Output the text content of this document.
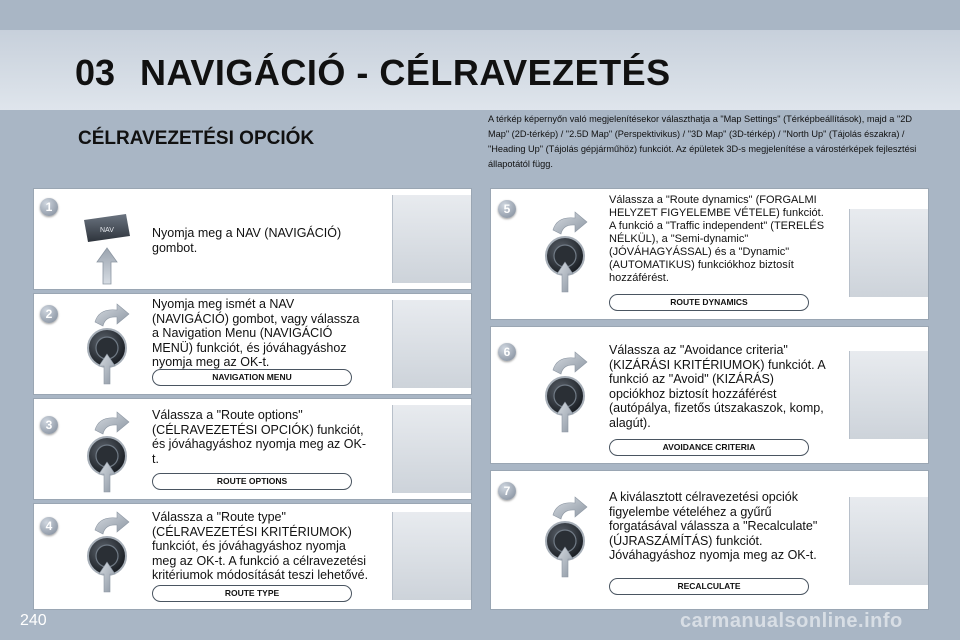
03 NAVIGÁCIÓ - CÉLRAVEZETÉS
CÉLRAVEZETÉSI OPCIÓK
A térkép képernyőn való megjelenítésekor választhatja a "Map Settings" (Térképbeállítások), majd a "2D Map" (2D-térkép) / "2.5D Map" (Perspektivikus) / "3D Map" (3D-térkép) / "North Up" (Tájolás északra) / "Heading Up" (Tájolás gépjárműhöz) funkciót. Az épületek 3D-s megjelenítése a várostérképek fejlesztési állapotától függ.
1
2
3
4
5
6
7
NAV	Nyomja meg a NAV (NAVIGÁCIÓ) gombot.
Nyomja meg ismét a NAV (NAVIGÁCIÓ) gombot, vagy válassza a Navigation Menu (NAVIGÁCIÓ MENÜ) funkciót, és jóváhagyáshoz nyomja meg az OK-t.
Válassza a "Route options" (CÉLRAVEZETÉSI OPCIÓK) funkciót, és jóváhagyáshoz nyomja meg az OK-t.
Válassza a "Route type" (CÉLRAVEZETÉSI KRITÉRIUMOK) funkciót, és jóváhagyáshoz nyomja meg az OK-t. A funkció a célravezetési kritériumok módosítását teszi lehetővé.
Válassza a "Route dynamics" (FORGALMI HELYZET FIGYELEMBE VÉTELE) funkciót. A funkció a "Traffic independent" (TERELÉS NÉLKÜL), a "Semi-dynamic" (JÓVÁHAGYÁSSAL) és a "Dynamic" (AUTOMATIKUS) funkciókhoz biztosít hozzáférést.
Válassza az "Avoidance criteria" (KIZÁRÁSI KRITÉRIUMOK) funkciót. A funkció az "Avoid" (KIZÁRÁS) opciókhoz biztosít hozzáférést (autópálya, fizetős útszakaszok, komp, alagút).
A kiválasztott célravezetési opciók figyelembe vételéhez a gyűrű forgatásával válassza a "Recalculate" (ÚJRASZÁMÍTÁS) funkciót. Jóváhagyáshoz nyomja meg az OK-t.
NAVIGATION MENU
ROUTE OPTIONS
ROUTE TYPE
ROUTE DYNAMICS
AVOIDANCE CRITERIA
RECALCULATE
240	carmanualsonline.info
